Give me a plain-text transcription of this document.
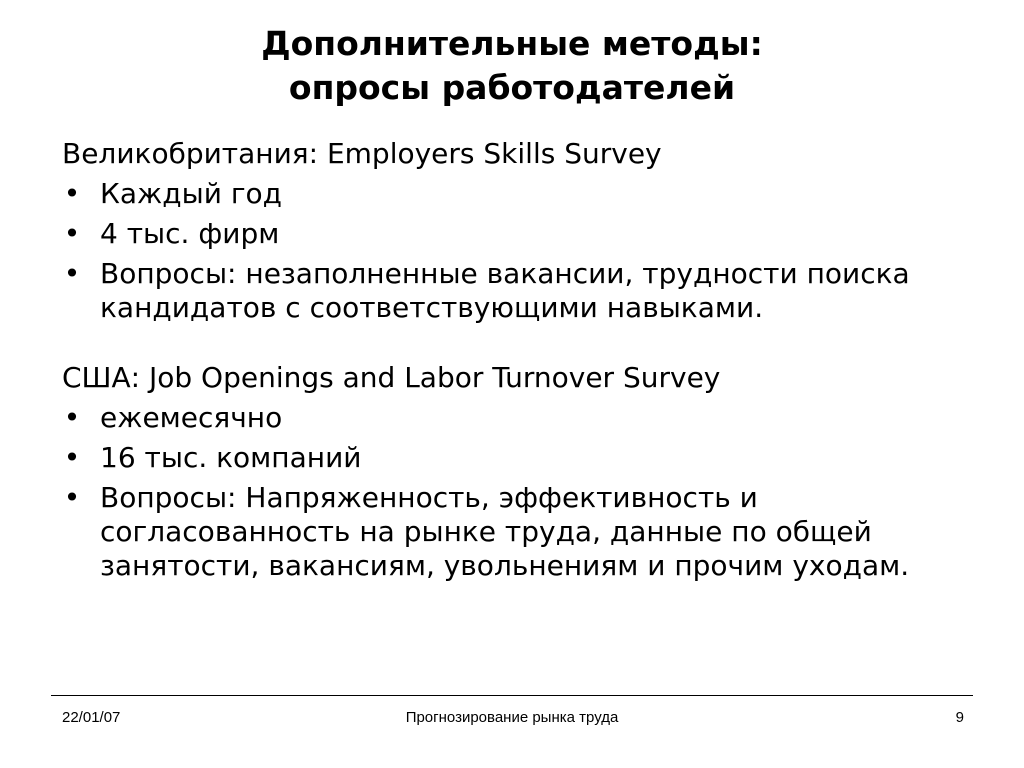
Дополнительные методы:
опросы работодателей
Великобритания: Employers Skills Survey
• Каждый год
• 4 тыс. фирм
• Вопросы: незаполненные вакансии, трудности поиска кандидатов с соответствующими навыками.
США: Job Openings and Labor Turnover Survey
• ежемесячно
• 16 тыс. компаний
• Вопросы: Напряженность, эффективность и согласованность на рынке труда, данные по общей занятости, вакансиям, увольнениям и прочим уходам.
22/01/07	Прогнозирование рынка труда	9
